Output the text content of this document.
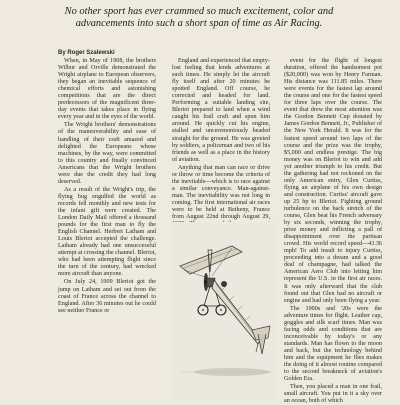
No other sport has ever crammed so much excitement, color and advancements into such a short span of time as Air Racing.
By Roger Szalewski

When, in May of 1908, the brothers Wilbur and Orville demonstrated the Wright airplane to European observers, they began an inevitable sequence of chemical efforts and astonishing competitions that are the direct predecessors of the magnificent three-day events that takes place in flying every year and in the eyes of the world.

The Wright brothers' demonstrations of the maneuverability and ease of handling of their craft amazed and delighted the Europeans whose machines, by the way, were committed to this country and finally convinced Americans that the Wright brothers were due the credit they had long deserved.

As a result of the Wright's trip, the flying bug engulfed the world as records fell monthly and new tests for the infant gift were created. The London Daily Mail offered a thousand pounds for the first man to fly the English Channel. Herbert Latham and Louis Bleriot accepted the challenge. Latham already had one unsuccessful attempt at crossing the channel. Bleriot, who had been attempting flight since the turn of the century, had wrecked more aircraft than anyone.

On July 24, 1909 Bleriot got the jump on Latham and set out from the coast of France across the channel to England. After 36 minutes out he could see neither France or

England and experienced that empty-lost feeling that lends adventures at such times. He simply let the aircraft fly itself and after 20 minutes he spotted England. Off course, he corrected and headed for land. Performing a suitable landing site, Bleriot prepared to land when a wind caught his frail craft and spun him around. He quickly cut his engine, stalled and unceremoniously headed straight for the ground. He was greeted by soldiers, a policeman and two of his friends as well as a place in the history of aviation.

Anything that man can race or drive or throw or time become the criteria of the inevitable—which is to race against a similar conveyance. Man-against-man. The inevitability was not long in coming. The first international air races were to be held at Betheny, France from August 22nd through August 29,

event for the flight of longest duration, offered the handsomest pot ($20,000) was won by Henry Farman. His distance was 111.85 miles. There were events for the fastest lap around the course and one for the fastest speed for three laps over the course. The event that drew the most attention was the Gordon Bennett Cup donated by James Gordon Bennett, Jr., Publisher of the New York Herald. It was for the fastest speed around two laps of the course and the prize was the trophy, $5,000 and endless prestige. The big money was on Bleriot to win and add yet another triumph to his credit. But the gathering had not reckoned on the only American entry, Glen Curtiss, flying an airplane of his own design and construction. Curtiss' aircraft gave up 25 hp to Bleriot. Fighting ground turbulence on the back stretch of the course, Glen beat his French adversary by six seconds, winning the trophy, prize money and inflicting a pall of disappointment over the partisan crowd. His world record speed—43.36 mph! To add insult to injury Curtiss, proceeding into a dream and a good deal of champagne, had talked the American Aero Club into letting him represent the U.S. in the first air races. It was only afterward that the club found out that Glen had no aircraft or engine and had only been flying a year.

The 1900s and '20s were the adventure times for flight. Leather cap, goggles and silk scarf times. Man was facing odds and conditions that are inconceivable by today's or any standards. Man has flown to the moon and back, but the technology behind him and the equipment he flies makes the doing of it almost routine compared to the second breakneck of aviation's Golden Era.

Then, you placed a man in one frail, small aircraft. You put in it a sky over an ocean, both of which
